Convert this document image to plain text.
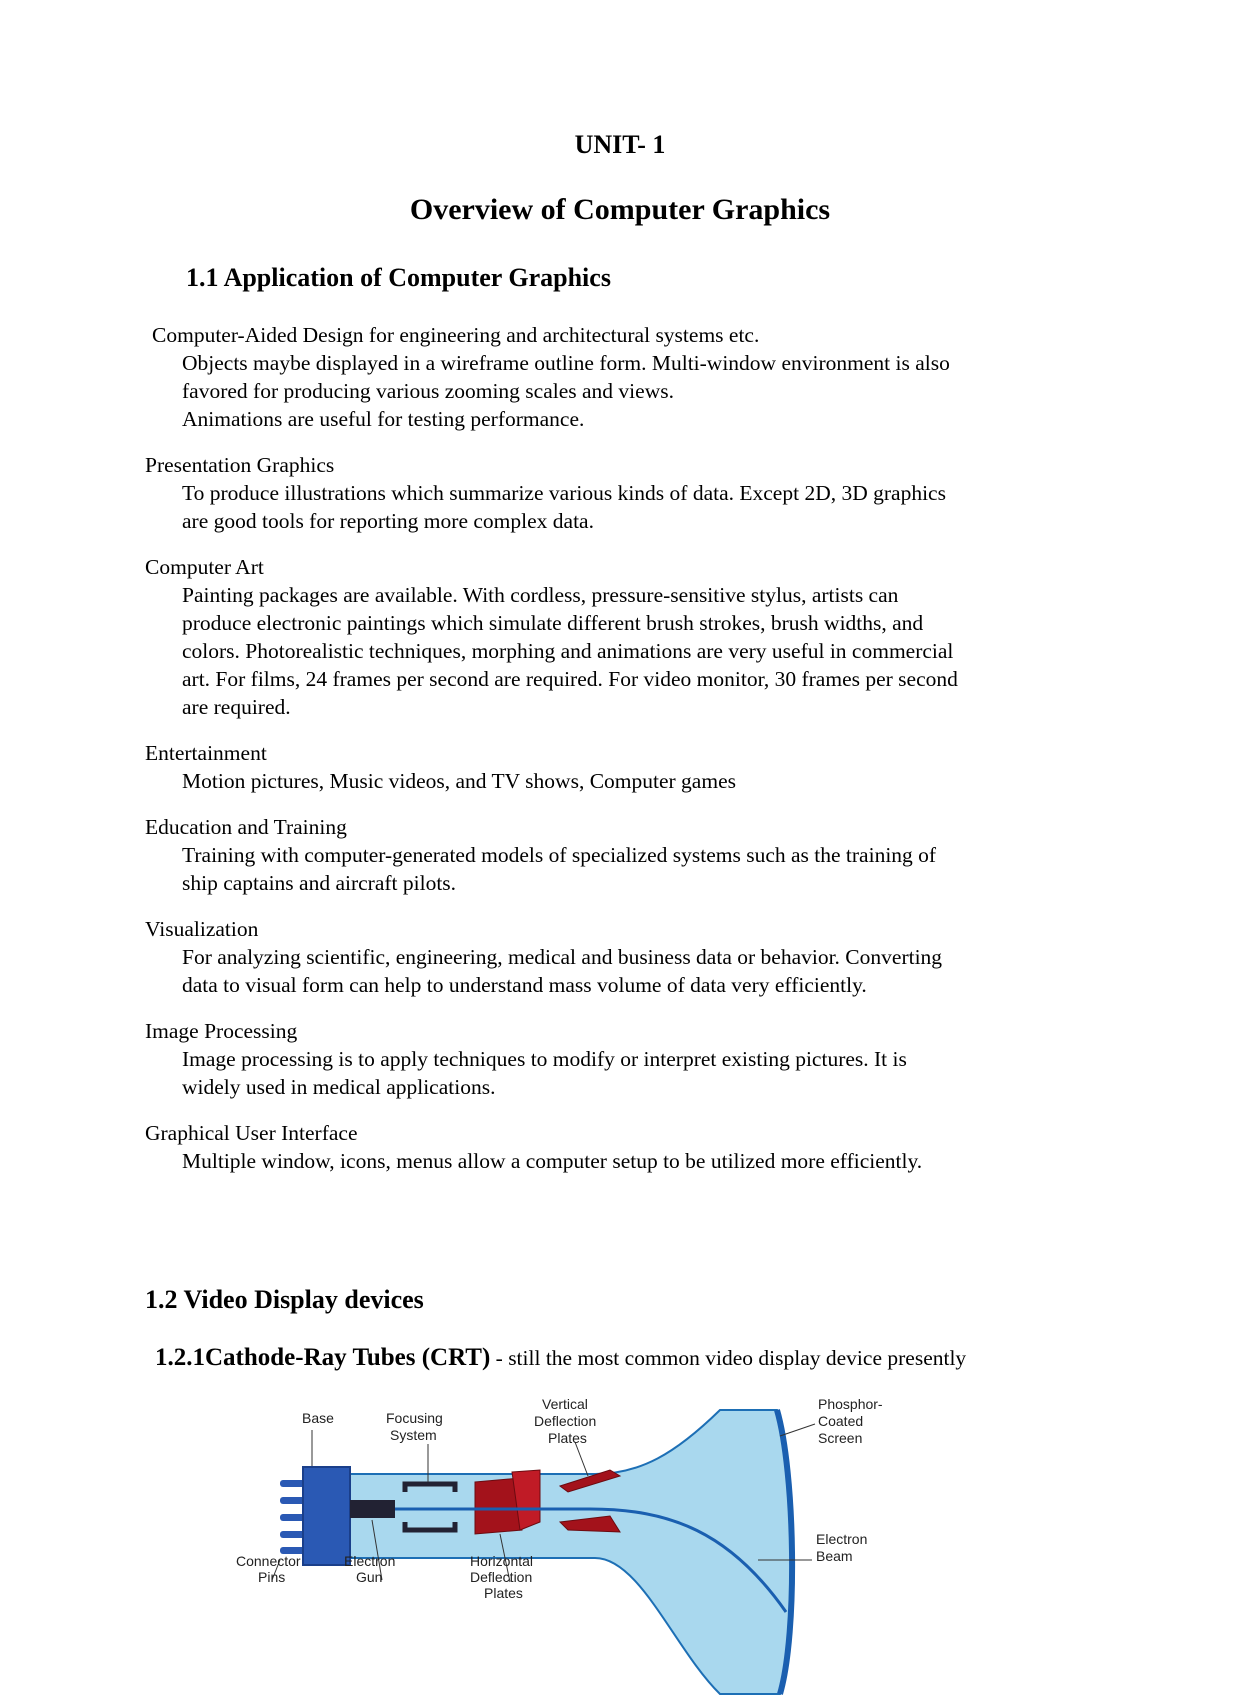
UNIT- 1
Overview of Computer Graphics
1.1 Application of Computer Graphics
Computer-Aided Design for engineering and architectural systems etc.
Objects maybe displayed in a wireframe outline form. Multi-window environment is also
favored for producing various zooming scales and views.
Animations are useful for testing performance.
Presentation Graphics
To produce illustrations which summarize various kinds of data. Except 2D, 3D graphics
are good tools for reporting more complex data.
Computer Art
Painting packages are available. With cordless, pressure-sensitive stylus, artists can
produce electronic paintings which simulate different brush strokes, brush widths, and
colors. Photorealistic techniques, morphing and animations are very useful in commercial
art. For films, 24 frames per second are required. For video monitor, 30 frames per second
are required.
Entertainment
Motion pictures, Music videos, and TV shows, Computer games
Education and Training
Training with computer-generated models of specialized systems such as the training of
ship captains and aircraft pilots.
Visualization
For analyzing scientific, engineering, medical and business data or behavior. Converting
data to visual form can help to understand mass volume of data very efficiently.
Image Processing
Image processing is to apply techniques to modify or interpret existing pictures. It is
widely used in medical applications.
Graphical User Interface
Multiple window, icons, menus allow a computer setup to be utilized more efficiently.
1.2 Video Display devices
1.2.1Cathode-Ray Tubes (CRT) - still the most common video display device presently
Base	Focusing
System
Vertical
Deflection
Plates
Phosphor-
Coated
Screen
Connector
Pins
Electron
Gun
Horizontal
Deflection
Plates
Electron
Beam
